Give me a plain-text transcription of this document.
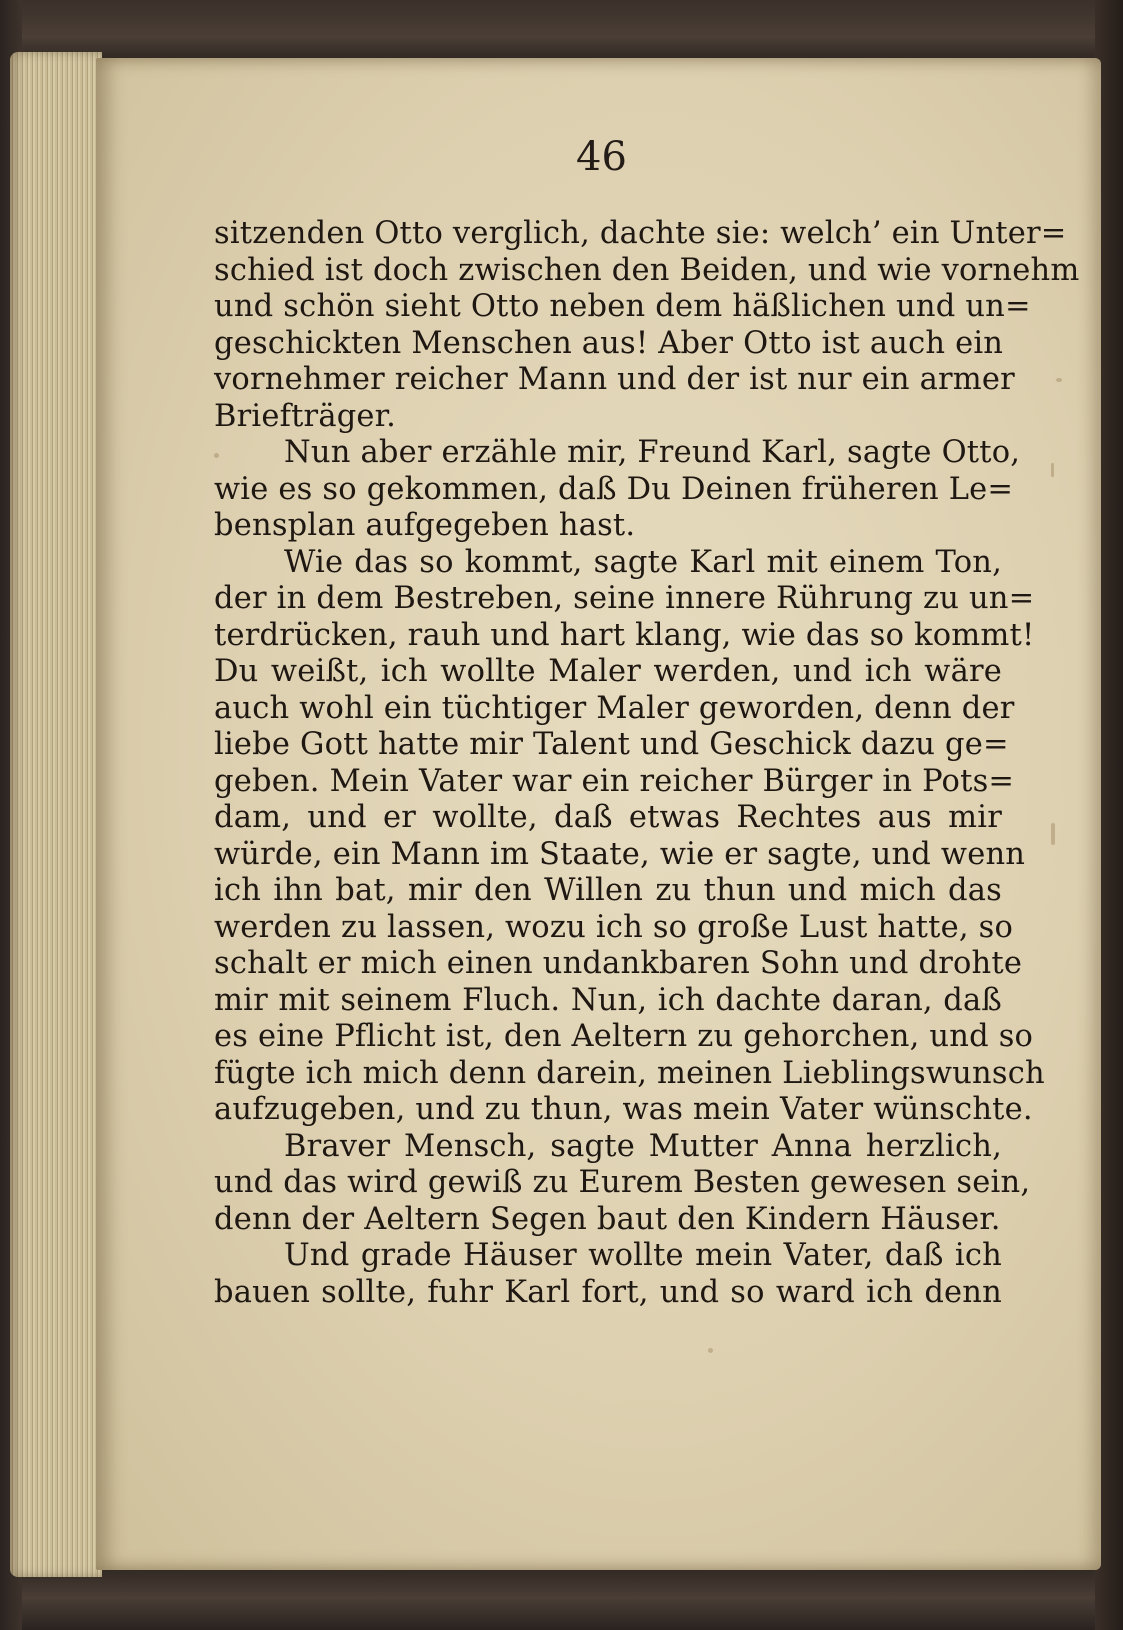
46
sitzenden Otto verglich, dachte sie: welch’ ein Unter=
schied ist doch zwischen den Beiden, und wie vornehm
und schön sieht Otto neben dem häßlichen und un=
geschickten Menschen aus! Aber Otto ist auch ein
vornehmer reicher Mann und der ist nur ein armer
Briefträger.
Nun aber erzähle mir, Freund Karl, sagte Otto,
wie es so gekommen, daß Du Deinen früheren Le=
bensplan aufgegeben hast.
Wie das so kommt, sagte Karl mit einem Ton,
der in dem Bestreben, seine innere Rührung zu un=
terdrücken, rauh und hart klang, wie das so kommt!
Du weißt, ich wollte Maler werden, und ich wäre
auch wohl ein tüchtiger Maler geworden, denn der
liebe Gott hatte mir Talent und Geschick dazu ge=
geben. Mein Vater war ein reicher Bürger in Pots=
dam, und er wollte, daß etwas Rechtes aus mir
würde, ein Mann im Staate, wie er sagte, und wenn
ich ihn bat, mir den Willen zu thun und mich das
werden zu lassen, wozu ich so große Lust hatte, so
schalt er mich einen undankbaren Sohn und drohte
mir mit seinem Fluch. Nun, ich dachte daran, daß
es eine Pflicht ist, den Aeltern zu gehorchen, und so
fügte ich mich denn darein, meinen Lieblingswunsch
aufzugeben, und zu thun, was mein Vater wünschte.
Braver Mensch, sagte Mutter Anna herzlich,
und das wird gewiß zu Eurem Besten gewesen sein,
denn der Aeltern Segen baut den Kindern Häuser.
Und grade Häuser wollte mein Vater, daß ich
bauen sollte, fuhr Karl fort, und so ward ich denn
